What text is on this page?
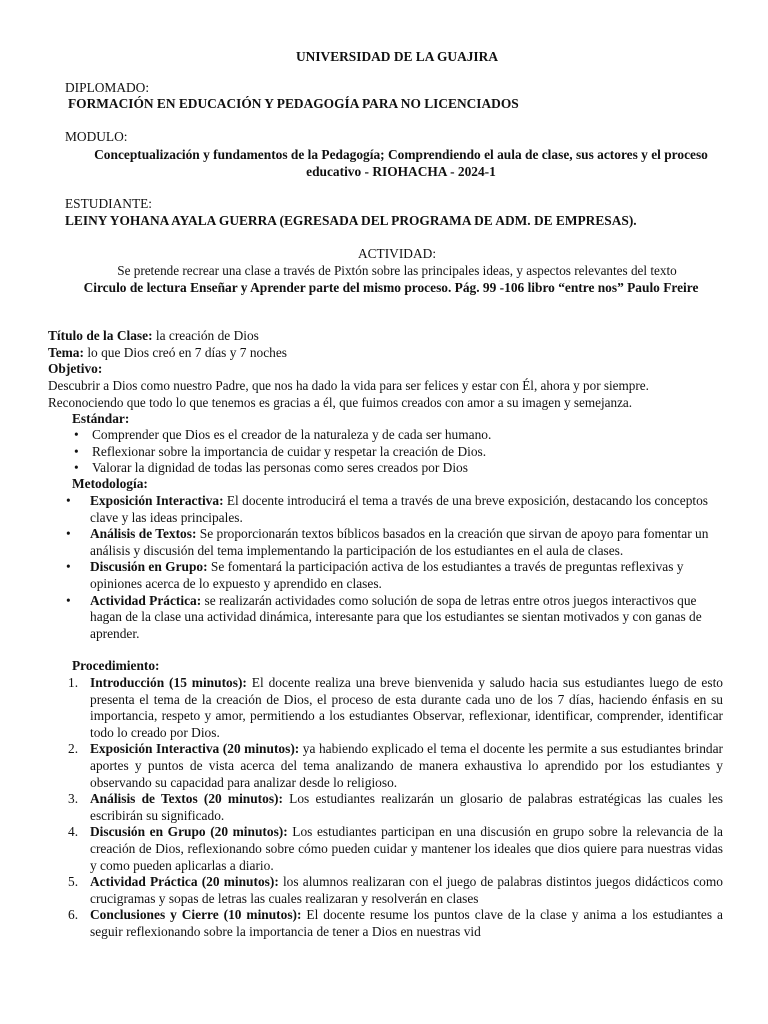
UNIVERSIDAD DE LA GUAJIRA
DIPLOMADO:
FORMACIÓN EN EDUCACIÓN Y PEDAGOGÍA PARA NO LICENCIADOS
MODULO:
Conceptualización y fundamentos de la Pedagogía; Comprendiendo el aula de clase, sus actores y el proceso educativo - RIOHACHA - 2024-1
ESTUDIANTE:
LEINY YOHANA AYALA GUERRA (EGRESADA DEL PROGRAMA DE ADM. DE EMPRESAS).
ACTIVIDAD:
Se pretende recrear una clase a través de Pixtón sobre las principales ideas, y aspectos relevantes del texto
Circulo de lectura Enseñar y Aprender parte del mismo proceso. Pág. 99 -106 libro “entre nos” Paulo Freire
Título de la Clase: la creación de Dios
Tema: lo que Dios creó en 7 días y 7 noches
Objetivo:
Descubrir a Dios como nuestro Padre, que nos ha dado la vida para ser felices y estar con Él, ahora y por siempre.
Reconociendo que todo lo que tenemos es gracias a él, que fuimos creados con amor a su imagen y semejanza.
Estándar:
• Comprender que Dios es el creador de la naturaleza y de cada ser humano.
• Reflexionar sobre la importancia de cuidar y respetar la creación de Dios.
• Valorar la dignidad de todas las personas como seres creados por Dios
Metodología:
• Exposición Interactiva: El docente introducirá el tema a través de una breve exposición, destacando los conceptos clave y las ideas principales.
• Análisis de Textos: Se proporcionarán textos bíblicos basados en la creación que sirvan de apoyo para fomentar un análisis y discusión del tema implementando la participación de los estudiantes en el aula de clases.
• Discusión en Grupo: Se fomentará la participación activa de los estudiantes a través de preguntas reflexivas y opiniones acerca de lo expuesto y aprendido en clases.
• Actividad Práctica: se realizarán actividades como solución de sopa de letras entre otros juegos interactivos que hagan de la clase una actividad dinámica, interesante para que los estudiantes se sientan motivados y con ganas de aprender.
Procedimiento:
1. Introducción (15 minutos): El docente realiza una breve bienvenida y saludo hacia sus estudiantes luego de esto presenta el tema de la creación de Dios, el proceso de esta durante cada uno de los 7 días, haciendo énfasis en su importancia, respeto y amor, permitiendo a los estudiantes Observar, reflexionar, identificar, comprender, identificar todo lo creado por Dios.
2. Exposición Interactiva (20 minutos): ya habiendo explicado el tema el docente les permite a sus estudiantes brindar aportes y puntos de vista acerca del tema analizando de manera exhaustiva lo aprendido por los estudiantes y observando su capacidad para analizar desde lo religioso.
3. Análisis de Textos (20 minutos): Los estudiantes realizarán un glosario de palabras estratégicas las cuales les escribirán su significado.
4. Discusión en Grupo (20 minutos): Los estudiantes participan en una discusión en grupo sobre la relevancia de la creación de Dios, reflexionando sobre cómo pueden cuidar y mantener los ideales que dios quiere para nuestras vidas y como pueden aplicarlas a diario.
5. Actividad Práctica (20 minutos): los alumnos realizaran con el juego de palabras distintos juegos didácticos como crucigramas y sopas de letras las cuales realizaran y resolverán en clases
6. Conclusiones y Cierre (10 minutos): El docente resume los puntos clave de la clase y anima a los estudiantes a seguir reflexionando sobre la importancia de tener a Dios en nuestras vid
